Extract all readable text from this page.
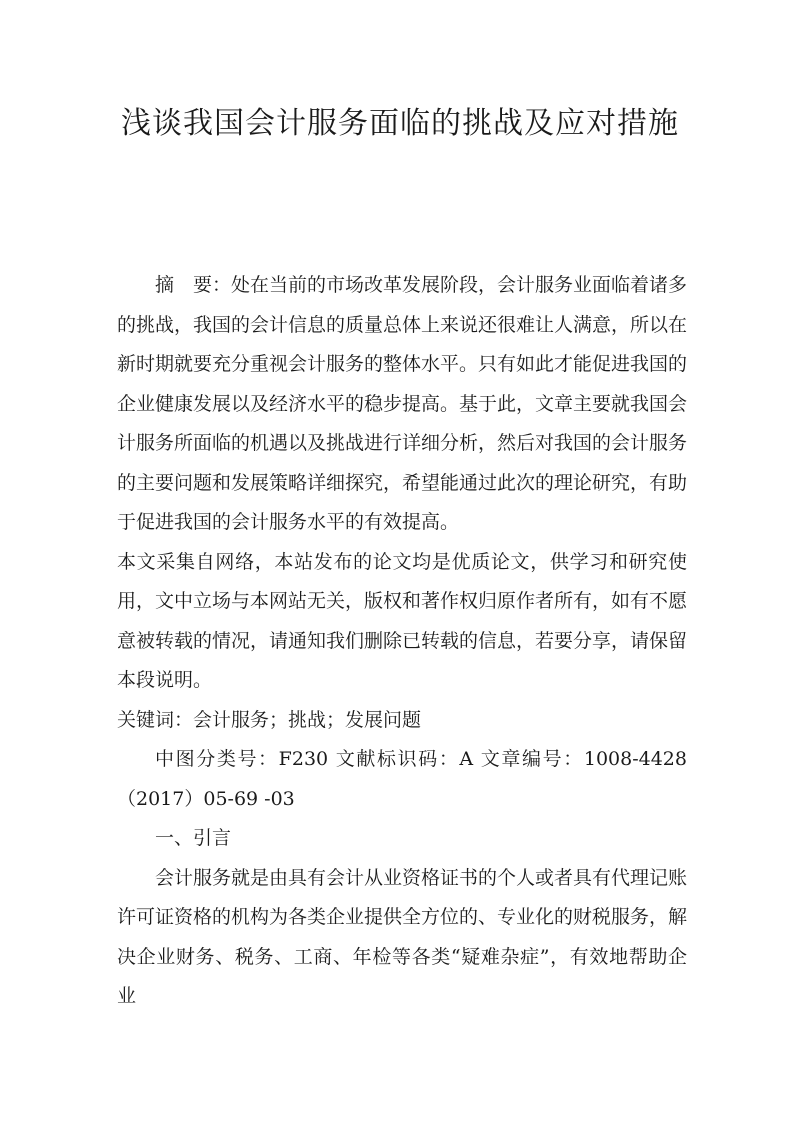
浅谈我国会计服务面临的挑战及应对措施

摘　要：处在当前的市场改革发展阶段，会计服务业面临着诸多的挑战，我国的会计信息的质量总体上来说还很难让人满意，所以在新时期就要充分重视会计服务的整体水平。只有如此才能促进我国的企业健康发展以及经济水平的稳步提高。基于此，文章主要就我国会计服务所面临的机遇以及挑战进行详细分析，然后对我国的会计服务的主要问题和发展策略详细探究，希望能通过此次的理论研究，有助于促进我国的会计服务水平的有效提高。

本文采集自网络，本站发布的论文均是优质论文，供学习和研究使用，文中立场与本网站无关，版权和著作权归原作者所有，如有不愿意被转载的情况，请通知我们删除已转载的信息，若要分享，请保留本段说明。

关键词：会计服务；挑战；发展问题

中图分类号：F230 文献标识码：A 文章编号：1008-4428（2017）05-69 -03

一、引言

会计服务就是由具有会计从业资格证书的个人或者具有代理记账许可证资格的机构为各类企业提供全方位的、专业化的财税服务，解决企业财务、税务、工商、年检等各类“疑难杂症”，有效地帮助企业
